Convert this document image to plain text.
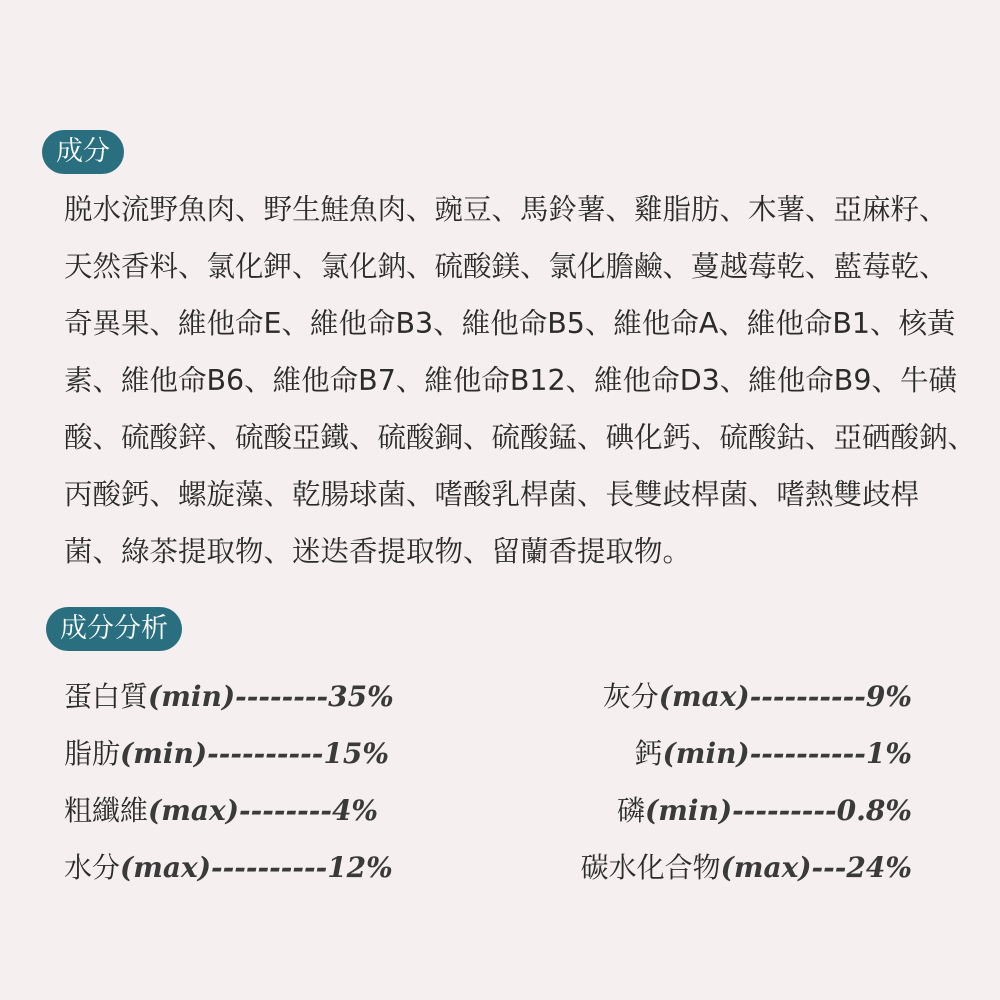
成分
脱水流野魚肉、野生鮭魚肉、豌豆、馬鈴薯、雞脂肪、木薯、亞麻籽、
天然香料、氯化鉀、氯化鈉、硫酸鎂、氯化膽鹼、蔓越莓乾、藍莓乾、
奇異果、維他命E、維他命B3、維他命B5、維他命A、維他命B1、核黃
素、維他命B6、維他命B7、維他命B12、維他命D3、維他命B9、牛磺
酸、硫酸鋅、硫酸亞鐵、硫酸銅、硫酸錳、碘化鈣、硫酸鈷、亞硒酸鈉、
丙酸鈣、螺旋藻、乾腸球菌、嗜酸乳桿菌、長雙歧桿菌、嗜熱雙歧桿
菌、綠茶提取物、迷迭香提取物、留蘭香提取物。
成分分析
蛋白質(min)--------35%
脂肪(min)----------15%
粗纖維(max)--------4%
水分(max)----------12%
灰分(max)----------9%
鈣(min)----------1%
磷(min)---------0.8%
碳水化合物(max)---24%
